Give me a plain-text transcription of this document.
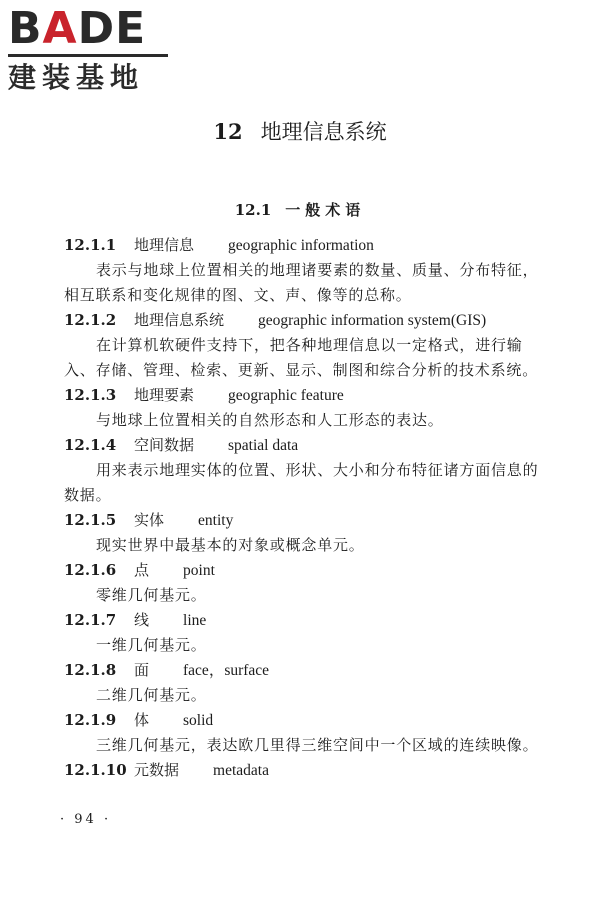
BADE
建装基地
12 地理信息系统
12.1 一般术语
12.1.1 地理信息 geographic information

表示与地球上位置相关的地理诸要素的数量、质量、分布特征，相互联系和变化规律的图、文、声、像等的总称。

12.1.2 地理信息系统 geographic information system(GIS)

在计算机软硬件支持下，把各种地理信息以一定格式，进行输入、存储、管理、检索、更新、显示、制图和综合分析的技术系统。

12.1.3 地理要素 geographic feature

与地球上位置相关的自然形态和人工形态的表达。

12.1.4 空间数据 spatial data

用来表示地理实体的位置、形状、大小和分布特征诸方面信息的数据。

12.1.5 实体 entity

现实世界中最基本的对象或概念单元。

12.1.6 点 point

零维几何基元。

12.1.7 线 line

一维几何基元。

12.1.8 面 face，surface

二维几何基元。

12.1.9 体 solid

三维几何基元，表达欧几里得三维空间中一个区域的连续映像。

12.1.10 元数据 metadata
· 94 ·
